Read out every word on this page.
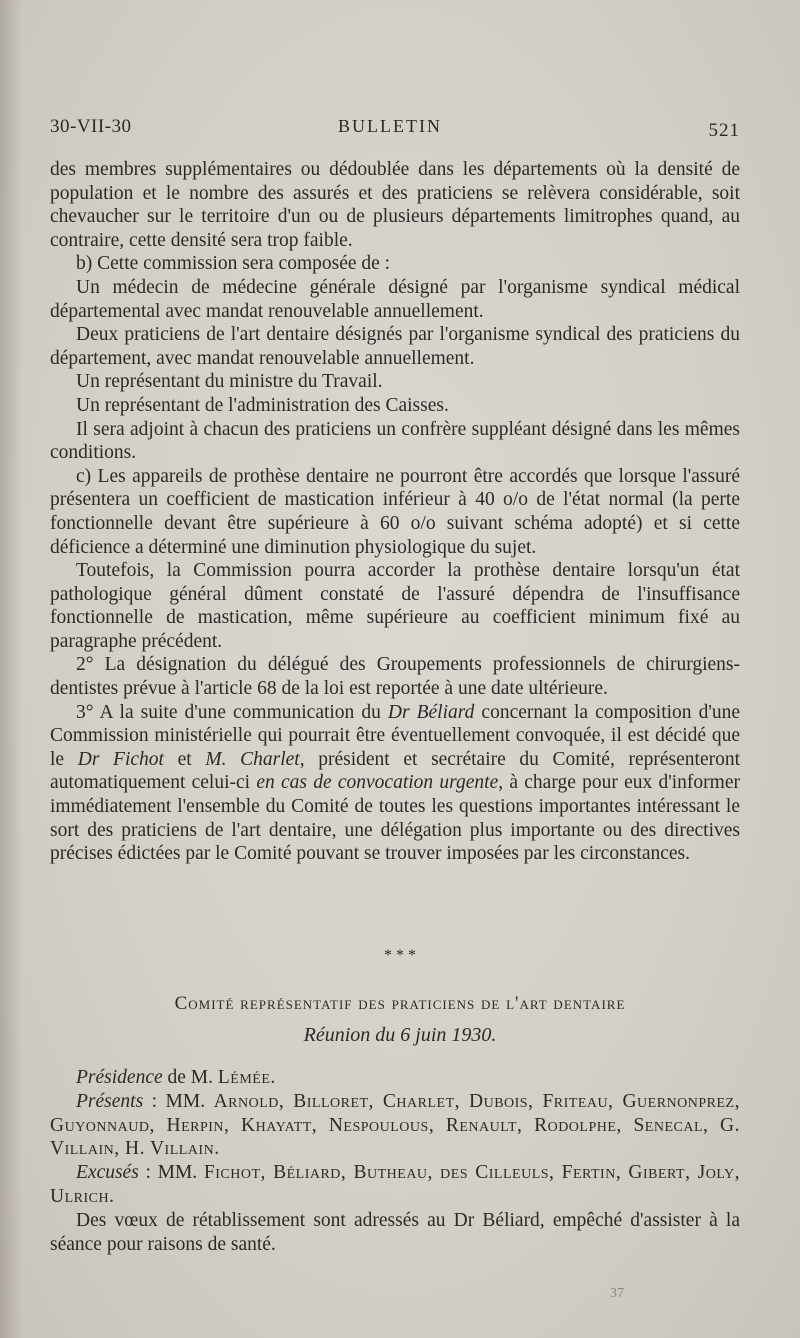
30-VII-30	BULLETIN	521

des membres supplémentaires ou dédoublée dans les départements où la densité de population et le nombre des assurés et des praticiens se relèvera considérable, soit chevaucher sur le territoire d'un ou de plusieurs départements limitrophes quand, au contraire, cette densité sera trop faible.

b) Cette commission sera composée de :

Un médecin de médecine générale désigné par l'organisme syndical médical départemental avec mandat renouvelable annuellement.

Deux praticiens de l'art dentaire désignés par l'organisme syndical des praticiens du département, avec mandat renouvelable annuellement.

Un représentant du ministre du Travail.

Un représentant de l'administration des Caisses.

Il sera adjoint à chacun des praticiens un confrère suppléant désigné dans les mêmes conditions.

c) Les appareils de prothèse dentaire ne pourront être accordés que lorsque l'assuré présentera un coefficient de mastication inférieur à 40 o/o de l'état normal (la perte fonctionnelle devant être supérieure à 60 o/o suivant schéma adopté) et si cette déficience a déterminé une diminution physiologique du sujet.

Toutefois, la Commission pourra accorder la prothèse dentaire lorsqu'un état pathologique général dûment constaté de l'assuré dépendra de l'insuffisance fonctionnelle de mastication, même supérieure au coefficient minimum fixé au paragraphe précédent.

2° La désignation du délégué des Groupements professionnels de chirurgiens-dentistes prévue à l'article 68 de la loi est reportée à une date ultérieure.

3° A la suite d'une communication du Dr Béliard concernant la composition d'une Commission ministérielle qui pourrait être éventuellement convoquée, il est décidé que le Dr Fichot et M. Charlet, président et secrétaire du Comité, représenteront automatiquement celui-ci en cas de convocation urgente, à charge pour eux d'informer immédiatement l'ensemble du Comité de toutes les questions importantes intéressant le sort des praticiens de l'art dentaire, une délégation plus importante ou des directives précises édictées par le Comité pouvant se trouver imposées par les circonstances.

* * *
Comité représentatif des praticiens de l'art dentaire
Réunion du 6 juin 1930.

Présidence de M. Lémée.

Présents : MM. Arnold, Billoret, Charlet, Dubois, Friteau, Guernonprez, Guyonnaud, Herpin, Khayatt, Nespoulous, Renault, Rodolphe, Senecal, G. Villain, H. Villain.

Excusés : MM. Fichot, Béliard, Butheau, des Cilleuls, Fertin, Gibert, Joly, Ulrich.

Des vœux de rétablissement sont adressés au Dr Béliard, empêché d'assister à la séance pour raisons de santé.

37
